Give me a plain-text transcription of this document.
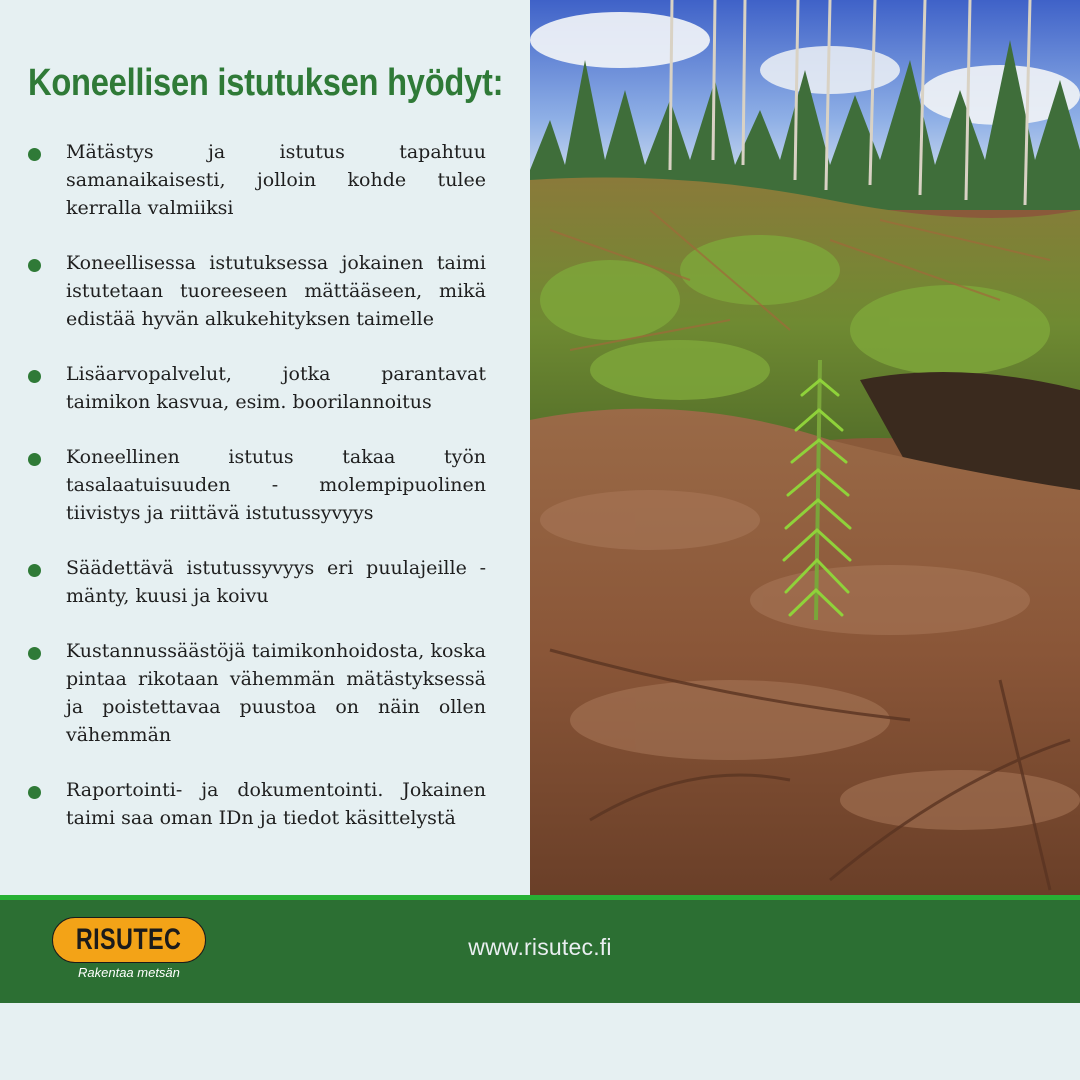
Koneellisen istutuksen hyödyt:
Mätästys ja istutus tapahtuu samanaikaisesti, jolloin kohde tulee kerralla valmiiksi
Koneellisessa istutuksessa jokainen taimi istutetaan tuoreeseen mättääseen, mikä edistää hyvän alkukehityksen taimelle
Lisäarvopalvelut, jotka parantavat taimikon kasvua, esim. boorilannoitus
Koneellinen istutus takaa työn tasalaatuisuuden - molempipuolinen tiivistys ja riittävä istutussyvyys
Säädettävä istutussyvyys eri puulajeille - mänty, kuusi ja koivu
Kustannussäästöjä taimikonhoidosta, koska pintaa rikotaan vähemmän mätästyksessä ja poistettavaa puustoa on näin ollen vähemmän
Raportointi- ja dokumentointi. Jokainen taimi saa oman IDn ja tiedot käsittelystä
RISUTEC
Rakentaa metsän
www.risutec.fi
